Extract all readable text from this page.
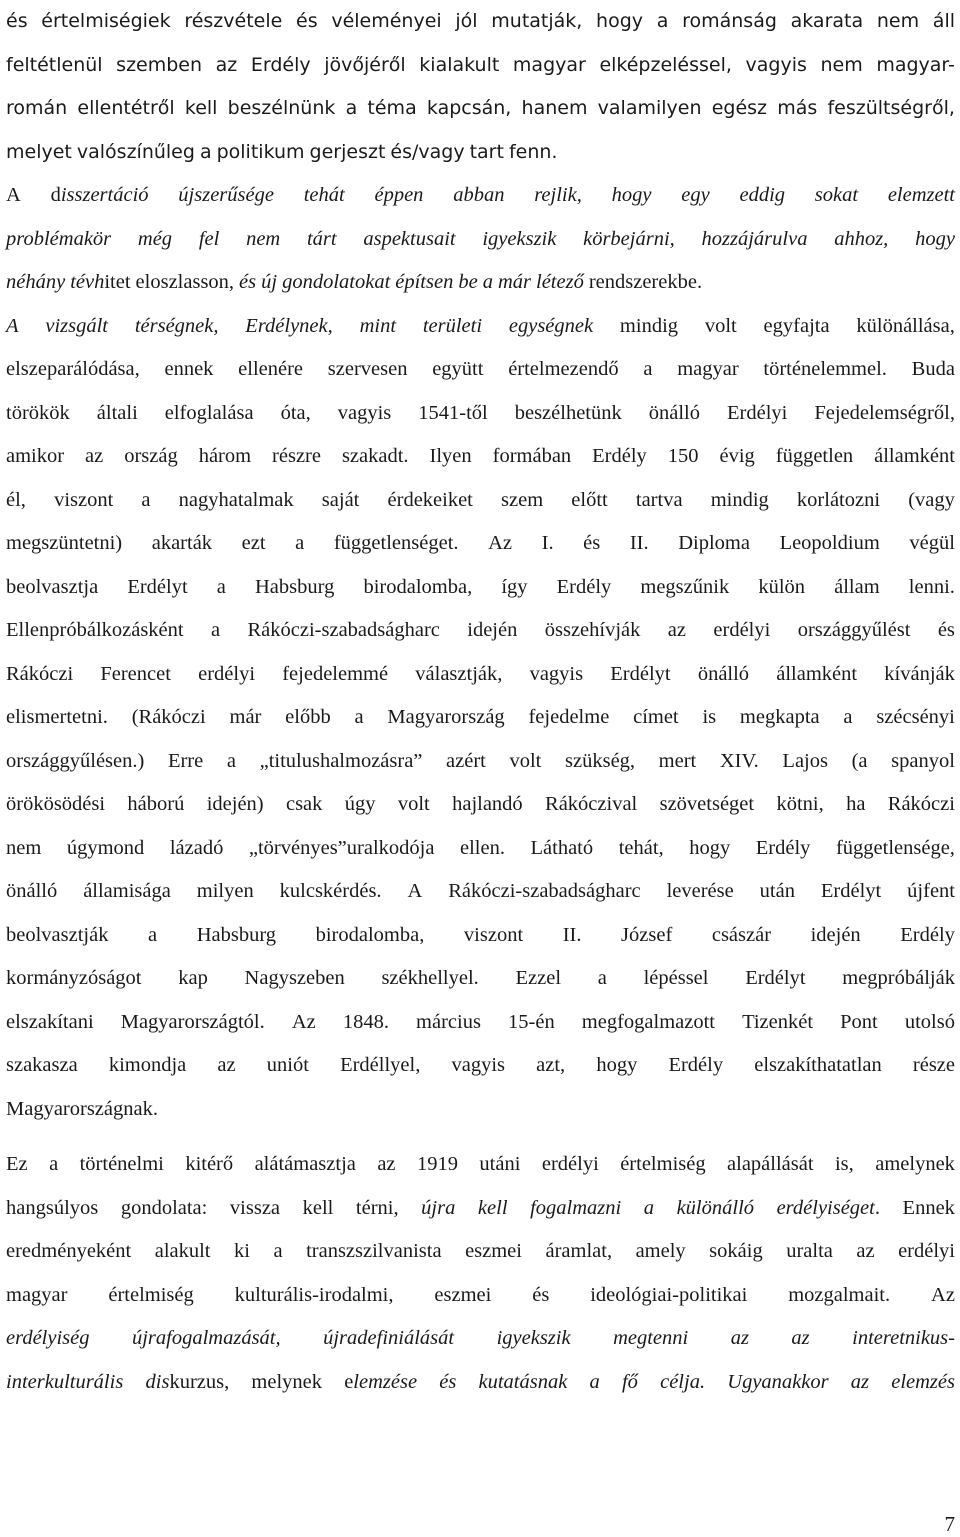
és értelmiségiek részvétele és véleményei jól mutatják, hogy a románság akarata nem áll
feltétlenül szemben az Erdély jövőjéről kialakult magyar elképzeléssel, vagyis nem magyar-
román ellentétről kell beszélnünk a téma kapcsán, hanem valamilyen egész más feszültségről,
melyet valószínűleg a politikum gerjeszt és/vagy tart fenn.
A disszertáció újszerűsége tehát éppen abban rejlik, hogy egy eddig sokat elemzett
problémakör még fel nem tárt aspektusait igyekszik körbejárni, hozzájárulva ahhoz, hogy
néhány tévhitet eloszlasson, és új gondolatokat építsen be a már létező rendszerekbe.
A vizsgált térségnek, Erdélynek, mint területi egységnek mindig volt egyfajta különállása,
elszeparálódása, ennek ellenére szervesen együtt értelmezendő a magyar történelemmel. Buda
törökök általi elfoglalása óta, vagyis 1541-től beszélhetünk önálló Erdélyi Fejedelemségről,
amikor az ország három részre szakadt. Ilyen formában Erdély 150 évig független államként
él, viszont a nagyhatalmak saját érdekeiket szem előtt tartva mindig korlátozni (vagy
megszüntetni) akarták ezt a függetlenséget. Az I. és II. Diploma Leopoldium végül
beolvasztja Erdélyt a Habsburg birodalomba, így Erdély megszűnik külön állam lenni.
Ellenpróbálkozásként a Rákóczi-szabadságharc idején összehívják az erdélyi országgyűlést és
Rákóczi Ferencet erdélyi fejedelemmé választják, vagyis Erdélyt önálló államként kívánják
elismertetni. (Rákóczi már előbb a Magyarország fejedelme címet is megkapta a szécsényi
országgyűlésen.) Erre a „titulushalmozásra” azért volt szükség, mert XIV. Lajos (a spanyol
örökösödési háború idején) csak úgy volt hajlandó Rákóczival szövetséget kötni, ha Rákóczi
nem úgymond lázadó „törvényes”uralkodója ellen. Látható tehát, hogy Erdély függetlensége,
önálló államisága milyen kulcskérdés. A Rákóczi-szabadságharc leverése után Erdélyt újfent
beolvasztják a Habsburg birodalomba, viszont II. József császár idején Erdély
kormányzóságot kap Nagyszeben székhellyel. Ezzel a lépéssel Erdélyt megpróbálják
elszakítani Magyarországtól. Az 1848. március 15-én megfogalmazott Tizenkét Pont utolsó
szakasza kimondja az uniót Erdéllyel, vagyis azt, hogy Erdély elszakíthatatlan része
Magyarországnak.
Ez a történelmi kitérő alátámasztja az 1919 utáni erdélyi értelmiség alapállását is, amelynek
hangsúlyos gondolata: vissza kell térni, újra kell fogalmazni a különálló erdélyiséget. Ennek
eredményeként alakult ki a transzszilvanista eszmei áramlat, amely sokáig uralta az erdélyi
magyar értelmiség kulturális-irodalmi, eszmei és ideológiai-politikai mozgalmait. Az
erdélyiség újrafogalmazását, újradefiniálását igyekszik megtenni az az interetnikus-
interkulturális diskurzus, melynek elemzése és kutatásnak a fő célja. Ugyanakkor az elemzés
7
